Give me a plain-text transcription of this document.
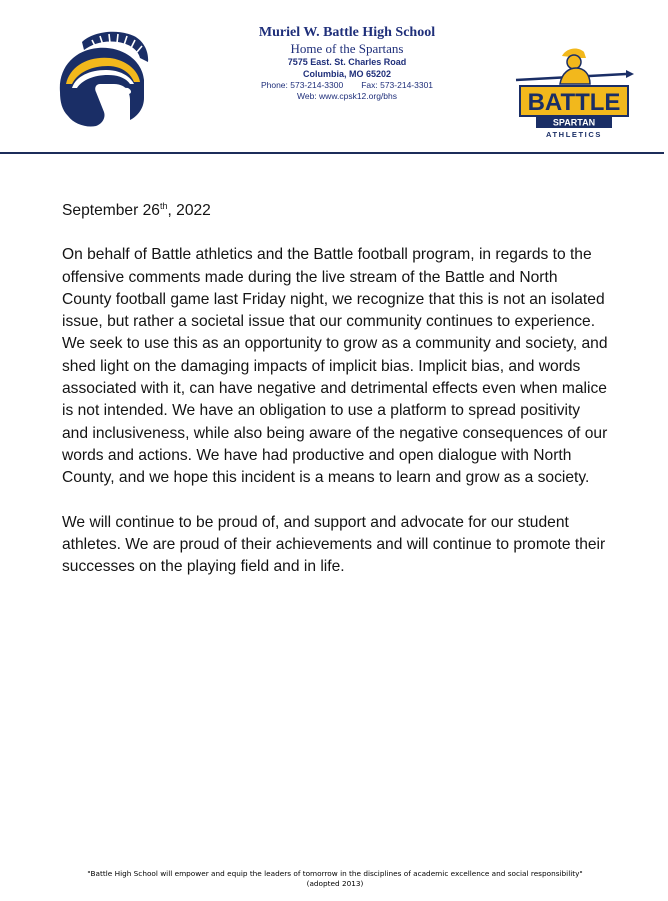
Muriel W. Battle High School
Home of the Spartans
7575 East. St. Charles Road
Columbia, MO 65202
Phone: 573-214-3300 Fax: 573-214-3301
Web: www.cpsk12.org/bhs	BATTLE
SPARTAN
ATHLETICS

September 26th, 2022

On behalf of Battle athletics and the Battle football program, in regards to the offensive comments made during the live stream of the Battle and North County football game last Friday night, we recognize that this is not an isolated issue, but rather a societal issue that our community continues to experience. We seek to use this as an opportunity to grow as a community and society, and shed light on the damaging impacts of implicit bias. Implicit bias, and words associated with it, can have negative and detrimental effects even when malice is not intended. We have an obligation to use a platform to spread positivity and inclusiveness, while also being aware of the negative consequences of our words and actions. We have had productive and open dialogue with North County, and we hope this incident is a means to learn and grow as a society.

We will continue to be proud of, and support and advocate for our student athletes. We are proud of their achievements and will continue to promote their successes on the playing field and in life.

"Battle High School will empower and equip the leaders of tomorrow in the disciplines of academic excellence and social responsibility"
(adopted 2013)
